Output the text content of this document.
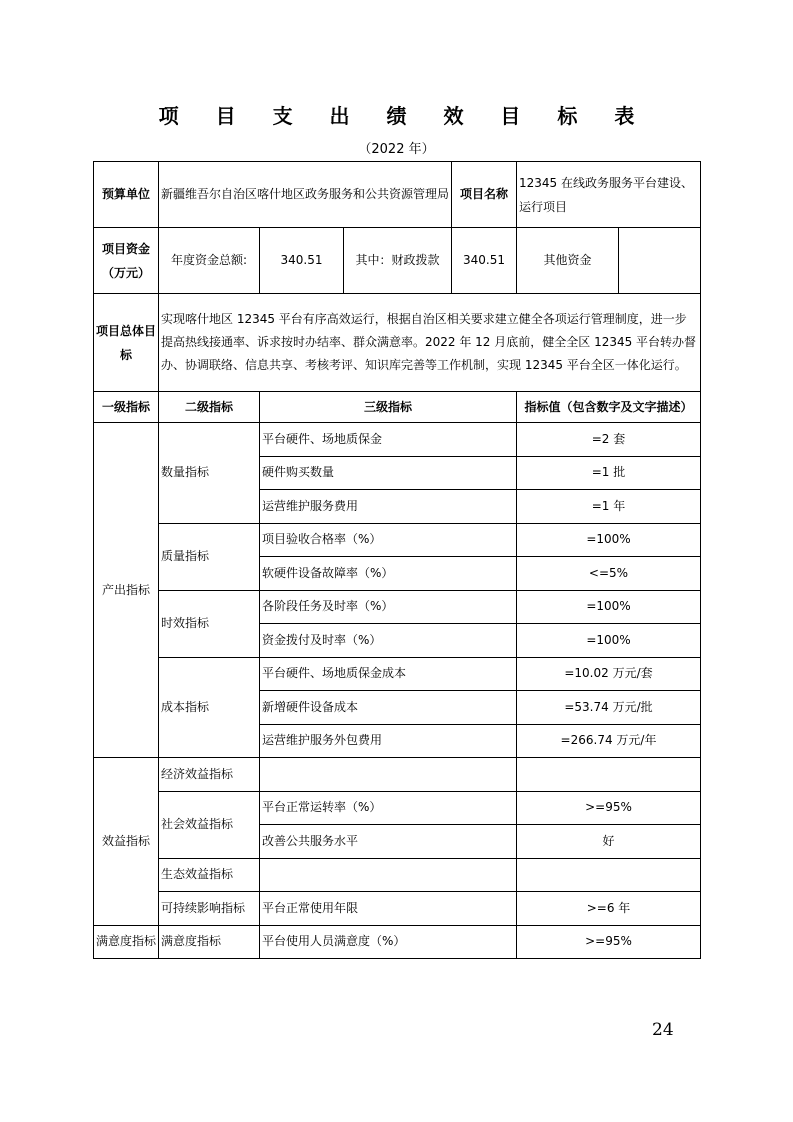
项 目 支 出 绩 效 目 标 表
（2022 年）
预算单位	新疆维吾尔自治区喀什地区政务服务和公共资源管理局			项目名称	12345 在线政务服务平台建设、运行项目	
项目资金（万元）	年度资金总额:	340.51	其中：财政拨款	340.51	其他资金	
项目总体目标	实现喀什地区 12345 平台有序高效运行，根据自治区相关要求建立健全各项运行管理制度，进一步提高热线接通率、诉求按时办结率、群众满意率。2022 年 12 月底前，健全全区 12345 平台转办督办、协调联络、信息共享、考核考评、知识库完善等工作机制，实现 12345 平台全区一体化运行。					
一级指标	二级指标	三级指标			指标值（包含数字及文字描述）	
产出指标	数量指标	平台硬件、场地质保金			=2 套	
		硬件购买数量			=1 批	
		运营维护服务费用			=1 年	
	质量指标	项目验收合格率（%）			=100%	
		软硬件设备故障率（%）			<=5%	
	时效指标	各阶段任务及时率（%）			=100%	
		资金拨付及时率（%）			=100%	
	成本指标	平台硬件、场地质保金成本			=10.02 万元/套	
		新增硬件设备成本			=53.74 万元/批	
		运营维护服务外包费用			=266.74 万元/年	
效益指标	经济效益指标					
	社会效益指标	平台正常运转率（%）			>=95%	
		改善公共服务水平			好	
	生态效益指标					
	可持续影响指标	平台正常使用年限			>=6 年	
满意度指标	满意度指标	平台使用人员满意度（%）			>=95%	
24
